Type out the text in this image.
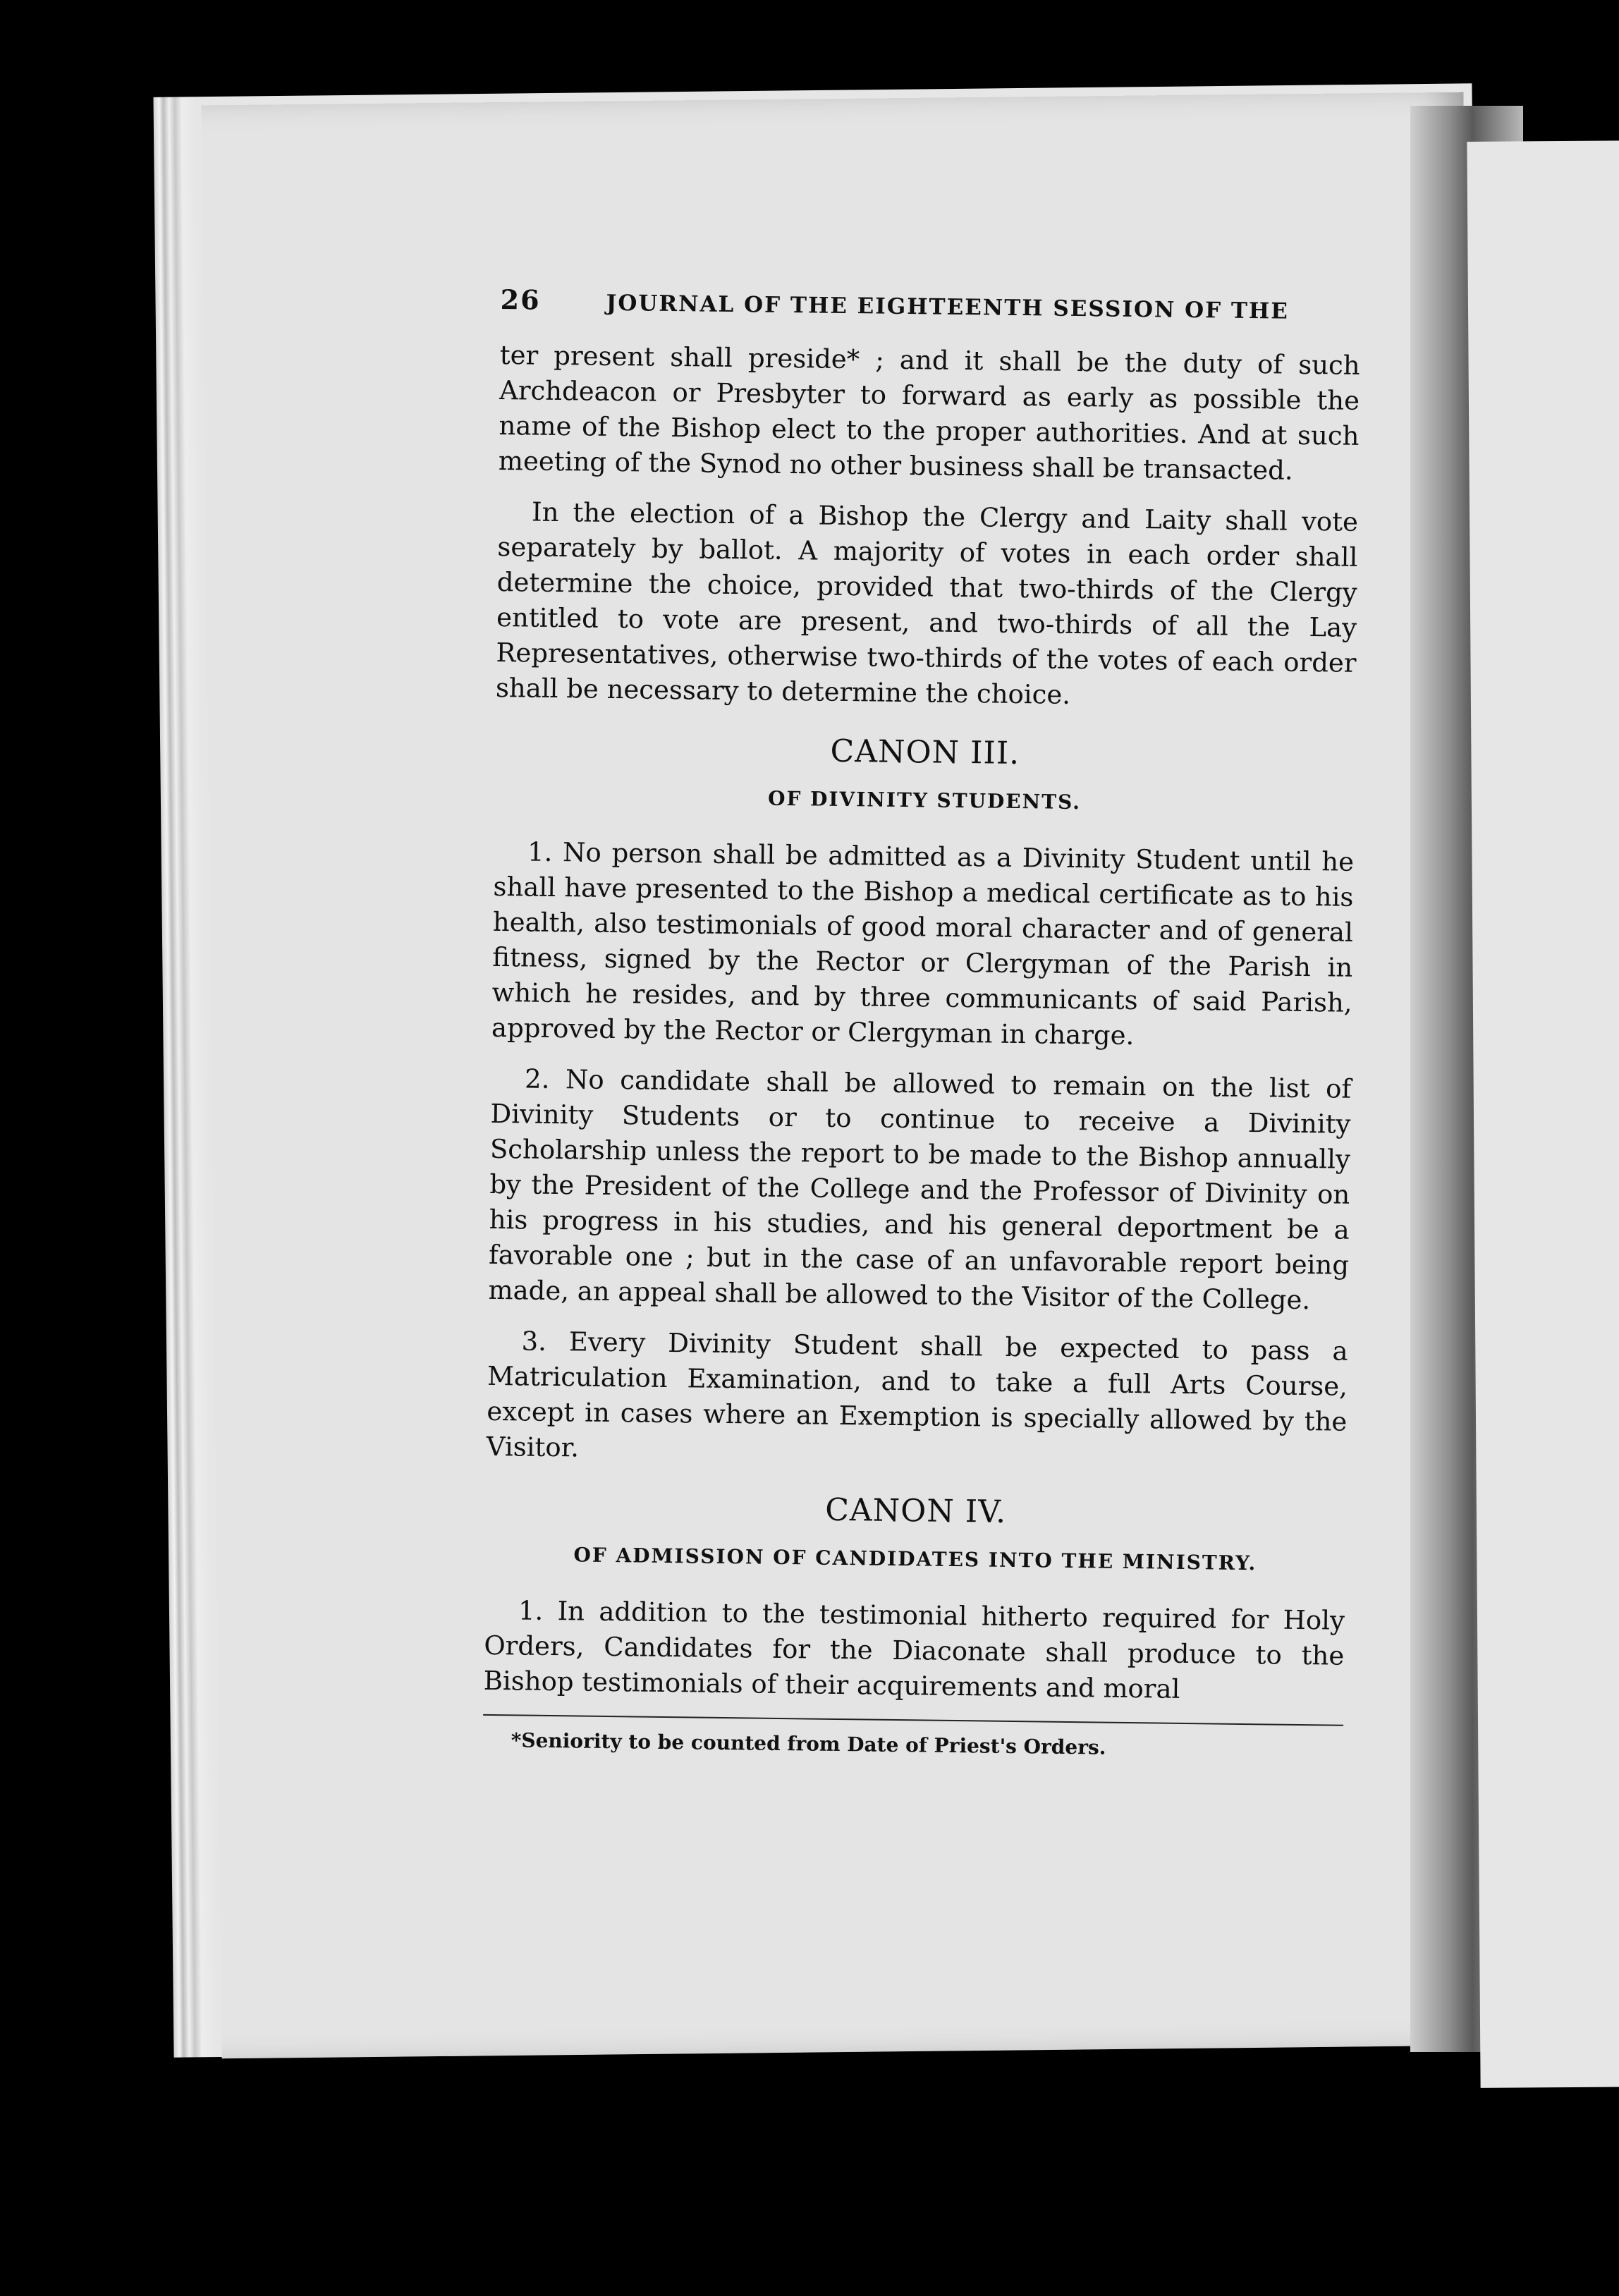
26	JOURNAL OF THE EIGHTEENTH SESSION OF THE

ter present shall preside* ; and it shall be the duty of such Archdeacon or Presbyter to forward as early as possible the name of the Bishop elect to the proper authorities. And at such meeting of the Synod no other business shall be transacted.

In the election of a Bishop the Clergy and Laity shall vote separately by ballot. A majority of votes in each order shall determine the choice, provided that two-thirds of the Clergy entitled to vote are present, and two-thirds of all the Lay Representatives, otherwise two-thirds of the votes of each order shall be necessary to determine the choice.

CANON III.
OF DIVINITY STUDENTS.

1. No person shall be admitted as a Divinity Student until he shall have presented to the Bishop a medical certificate as to his health, also testimonials of good moral character and of general fitness, signed by the Rector or Clergyman of the Parish in which he resides, and by three communicants of said Parish, approved by the Rector or Clergyman in charge.

2. No candidate shall be allowed to remain on the list of Divinity Students or to continue to receive a Divinity Scholarship unless the report to be made to the Bishop annually by the President of the College and the Professor of Divinity on his progress in his studies, and his general deportment be a favorable one ; but in the case of an unfavorable report being made, an appeal shall be allowed to the Visitor of the College.

3. Every Divinity Student shall be expected to pass a Matriculation Examination, and to take a full Arts Course, except in cases where an Exemption is specially allowed by the Visitor.

CANON IV.
OF ADMISSION OF CANDIDATES INTO THE MINISTRY.

1. In addition to the testimonial hitherto required for Holy Orders, Candidates for the Diaconate shall produce to the Bishop testimonials of their acquirements and moral

*Seniority to be counted from Date of Priest's Orders.
